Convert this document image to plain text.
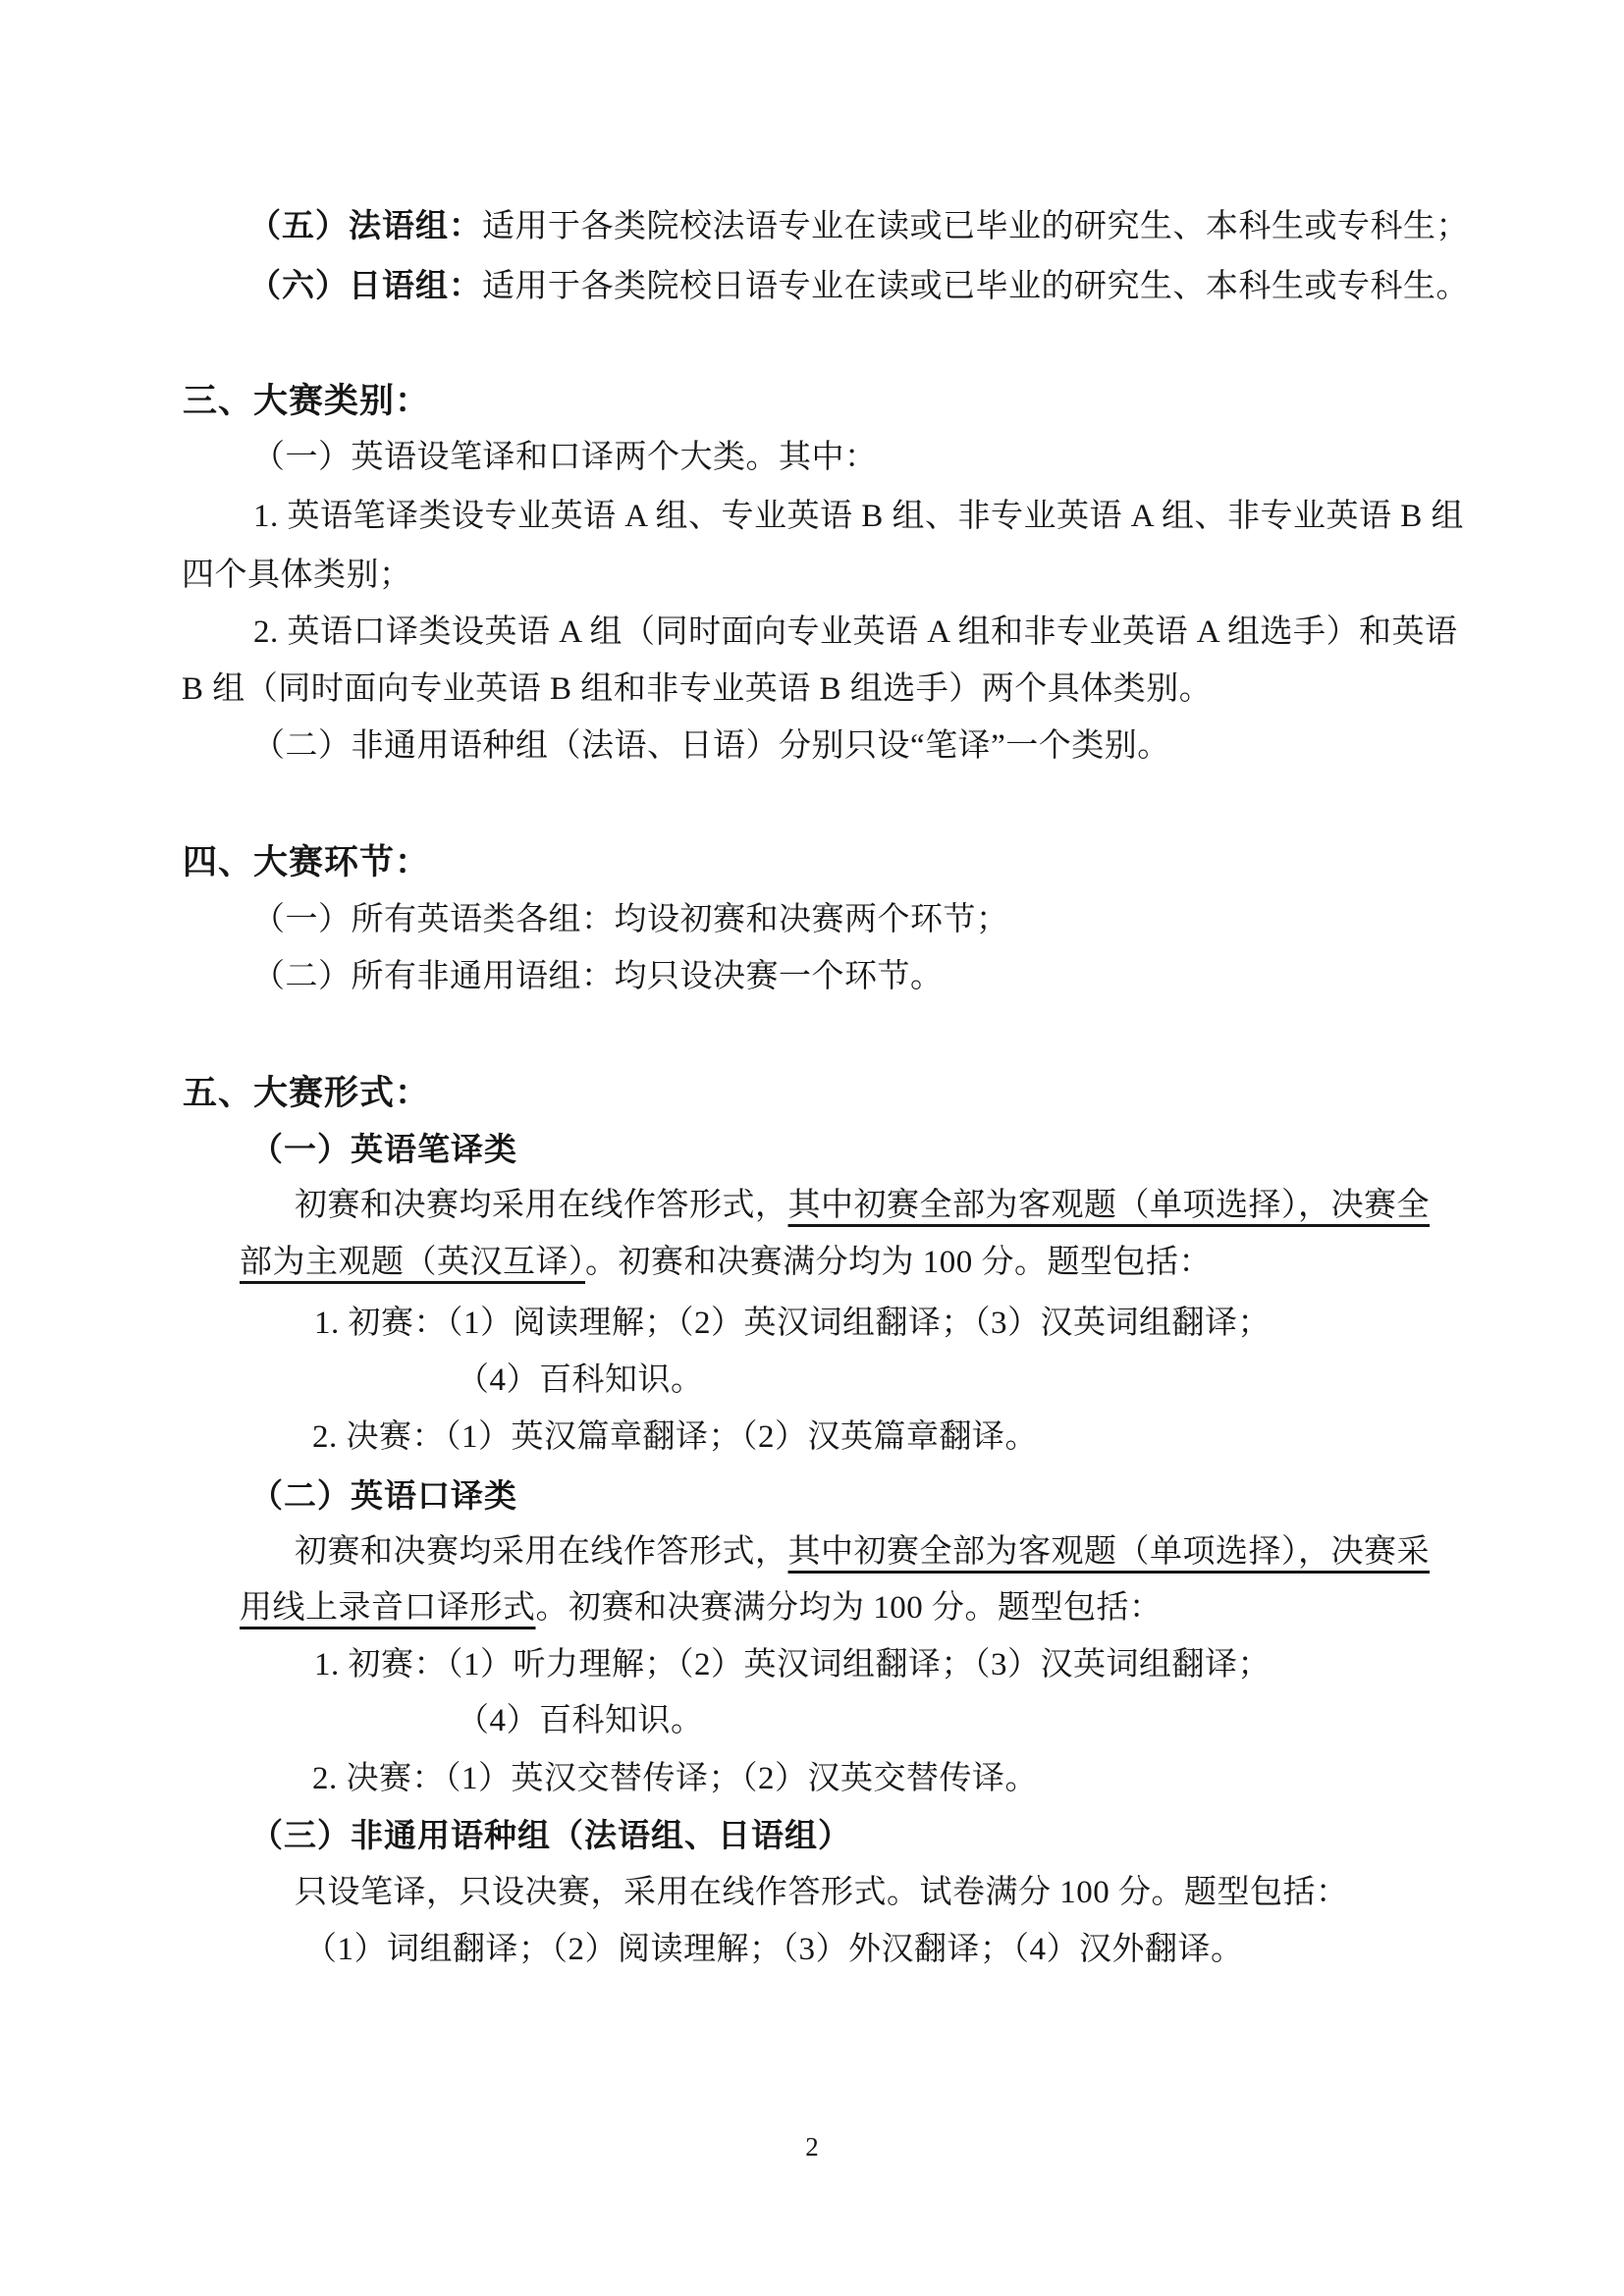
（五）法语组：适用于各类院校法语专业在读或已毕业的研究生、本科生或专科生；
（六）日语组：适用于各类院校日语专业在读或已毕业的研究生、本科生或专科生。
三、大赛类别：
（一）英语设笔译和口译两个大类。其中：
1. 英语笔译类设专业英语 A 组、专业英语 B 组、非专业英语 A 组、非专业英语 B 组
四个具体类别；
2. 英语口译类设英语 A 组（同时面向专业英语 A 组和非专业英语 A 组选手）和英语
B 组（同时面向专业英语 B 组和非专业英语 B 组选手）两个具体类别。
（二）非通用语种组（法语、日语）分别只设“笔译”一个类别。
四、大赛环节：
（一）所有英语类各组：均设初赛和决赛两个环节；
（二）所有非通用语组：均只设决赛一个环节。
五、大赛形式：
（一）英语笔译类
初赛和决赛均采用在线作答形式，其中初赛全部为客观题（单项选择），决赛全
部为主观题（英汉互译）。初赛和决赛满分均为 100 分。题型包括：
1. 初赛：（1）阅读理解；（2）英汉词组翻译；（3）汉英词组翻译；
（4）百科知识。
2. 决赛：（1）英汉篇章翻译；（2）汉英篇章翻译。
（二）英语口译类
初赛和决赛均采用在线作答形式，其中初赛全部为客观题（单项选择），决赛采
用线上录音口译形式。初赛和决赛满分均为 100 分。题型包括：
1. 初赛：（1）听力理解；（2）英汉词组翻译；（3）汉英词组翻译；
（4）百科知识。
2. 决赛：（1）英汉交替传译；（2）汉英交替传译。
（三）非通用语种组（法语组、日语组）
只设笔译，只设决赛，采用在线作答形式。试卷满分 100 分。题型包括：
（1）词组翻译；（2）阅读理解；（3）外汉翻译；（4）汉外翻译。
2
